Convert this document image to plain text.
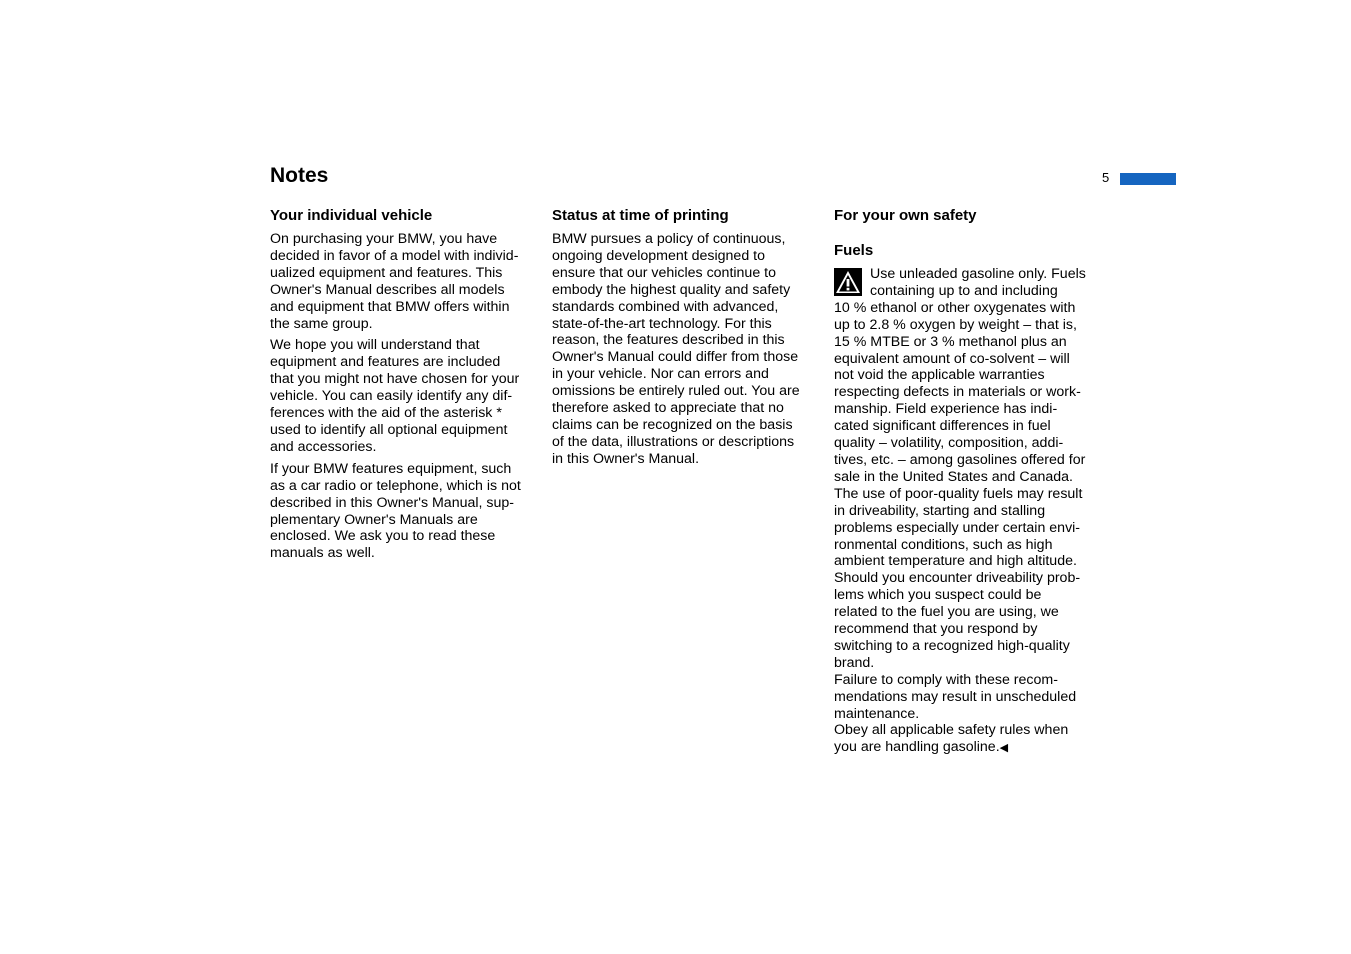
Notes	5
Your individual vehicle

On purchasing your BMW, you have
decided in favor of a model with individ-
ualized equipment and features. This
Owner's Manual describes all models
and equipment that BMW offers within
the same group.

We hope you will understand that
equipment and features are included
that you might not have chosen for your
vehicle. You can easily identify any dif-
ferences with the aid of the asterisk *
used to identify all optional equipment
and accessories.

If your BMW features equipment, such
as a car radio or telephone, which is not
described in this Owner's Manual, sup-
plementary Owner's Manuals are
enclosed. We ask you to read these
manuals as well.

Status at time of printing

BMW pursues a policy of continuous,
ongoing development designed to
ensure that our vehicles continue to
embody the highest quality and safety
standards combined with advanced,
state-of-the-art technology. For this
reason, the features described in this
Owner's Manual could differ from those
in your vehicle. Nor can errors and
omissions be entirely ruled out. You are
therefore asked to appreciate that no
claims can be recognized on the basis
of the data, illustrations or descriptions
in this Owner's Manual.

For your own safety
Fuels

Use unleaded gasoline only. Fuels
containing up to and including
10 % ethanol or other oxygenates with
up to 2.8 % oxygen by weight – that is,
15 % MTBE or 3 % methanol plus an
equivalent amount of co-solvent – will
not void the applicable warranties
respecting defects in materials or work-
manship. Field experience has indi-
cated significant differences in fuel
quality – volatility, composition, addi-
tives, etc. – among gasolines offered for
sale in the United States and Canada.
The use of poor-quality fuels may result
in driveability, starting and stalling
problems especially under certain envi-
ronmental conditions, such as high
ambient temperature and high altitude.
Should you encounter driveability prob-
lems which you suspect could be
related to the fuel you are using, we
recommend that you respond by
switching to a recognized high-quality
brand.
Failure to comply with these recom-
mendations may result in unscheduled
maintenance.
Obey all applicable safety rules when
you are handling gasoline.◀
